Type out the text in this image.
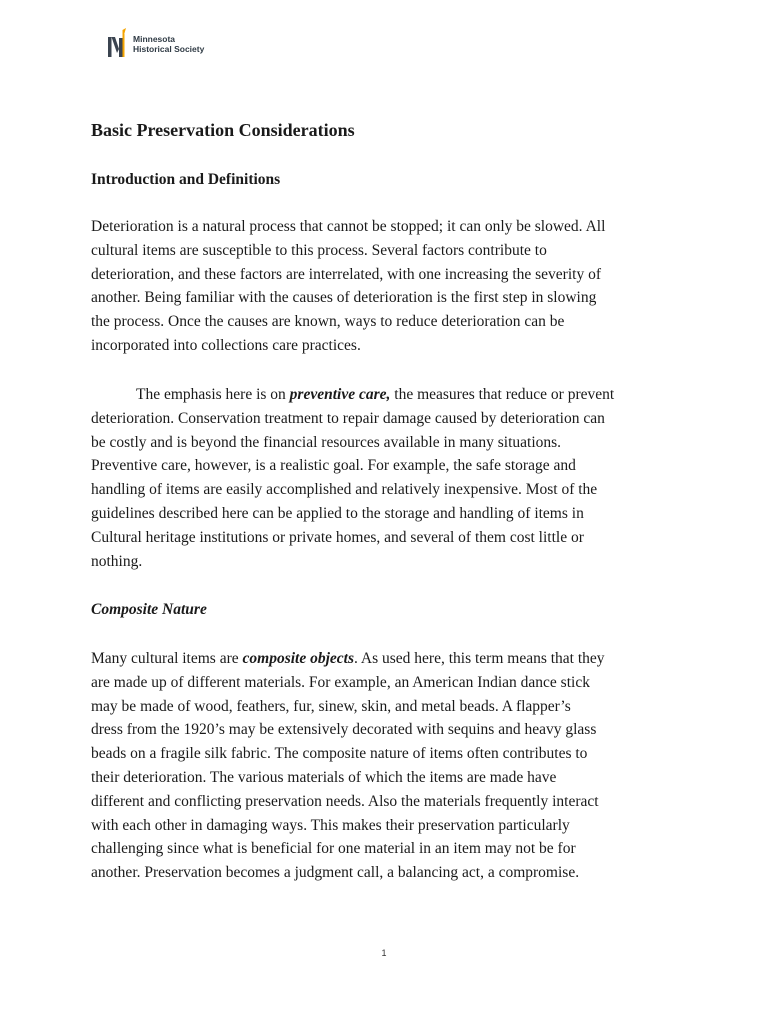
Minnesota
Historical Society
Basic Preservation Considerations
Introduction and Definitions
Deterioration is a natural process that cannot be stopped; it can only be slowed. All
cultural items are susceptible to this process. Several factors contribute to
deterioration, and these factors are interrelated, with one increasing the severity of
another. Being familiar with the causes of deterioration is the first step in slowing
the process. Once the causes are known, ways to reduce deterioration can be
incorporated into collections care practices.
The emphasis here is on preventive care, the measures that reduce or prevent
deterioration. Conservation treatment to repair damage caused by deterioration can
be costly and is beyond the financial resources available in many situations.
Preventive care, however, is a realistic goal. For example, the safe storage and
handling of items are easily accomplished and relatively inexpensive. Most of the
guidelines described here can be applied to the storage and handling of items in
Cultural heritage institutions or private homes, and several of them cost little or
nothing.
Composite Nature
Many cultural items are composite objects. As used here, this term means that they
are made up of different materials. For example, an American Indian dance stick
may be made of wood, feathers, fur, sinew, skin, and metal beads. A flapper’s
dress from the 1920’s may be extensively decorated with sequins and heavy glass
beads on a fragile silk fabric. The composite nature of items often contributes to
their deterioration. The various materials of which the items are made have
different and conflicting preservation needs. Also the materials frequently interact
with each other in damaging ways. This makes their preservation particularly
challenging since what is beneficial for one material in an item may not be for
another. Preservation becomes a judgment call, a balancing act, a compromise.
1
